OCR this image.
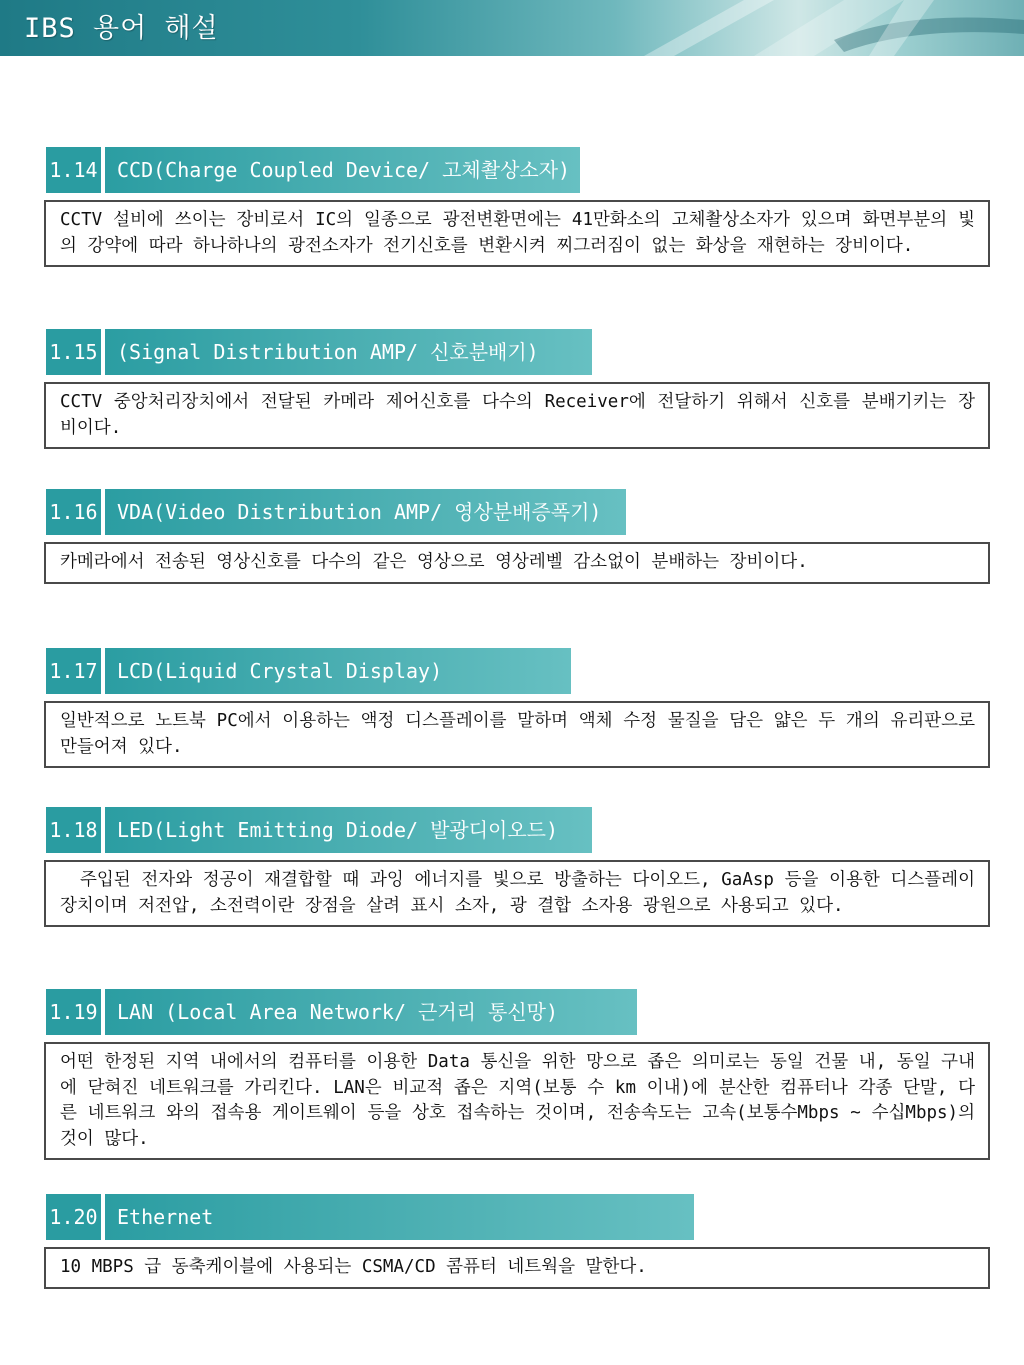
IBS 용어 해설
1.14 CCD(Charge Coupled Device/ 고체촬상소자)
CCTV 설비에 쓰이는 장비로서 IC의 일종으로 광전변환면에는 41만화소의 고체촬상소자가 있으며 화면부분의 빛의 강약에 따라 하나하나의 광전소자가 전기신호를 변환시켜 찌그러짐이 없는 화상을 재현하는 장비이다.
1.15 (Signal Distribution AMP/ 신호분배기)
CCTV 중앙처리장치에서 전달된 카메라 제어신호를 다수의 Receiver에 전달하기 위해서 신호를 분배기키는 장비이다.
1.16 VDA(Video Distribution AMP/ 영상분배증폭기)
카메라에서 전송된 영상신호를 다수의 같은 영상으로 영상레벨 감소없이 분배하는 장비이다.
1.17 LCD(Liquid Crystal Display)
일반적으로 노트북 PC에서 이용하는 액정 디스플레이를 말하며 액체 수정 물질을 담은 얇은 두 개의 유리판으로 만들어져 있다.
1.18 LED(Light Emitting Diode/ 발광디이오드)
주입된 전자와 정공이 재결합할 때 과잉 에너지를 빛으로 방출하는 다이오드, GaAsp 등을 이용한 디스플레이 장치이며 저전압, 소전력이란 장점을 살려 표시 소자, 광 결합 소자용 광원으로 사용되고 있다.
1.19 LAN (Local Area Network/ 근거리 통신망)
어떤 한정된 지역 내에서의 컴퓨터를 이용한 Data 통신을 위한 망으로 좁은 의미로는 동일 건물 내, 동일 구내에 닫혀진 네트워크를 가리킨다. LAN은 비교적 좁은 지역(보통 수 km 이내)에 분산한 컴퓨터나 각종 단말, 다른 네트워크 와의 접속용 게이트웨이 등을 상호 접속하는 것이며, 전송속도는 고속(보통수Mbps ~ 수십Mbps)의 것이 많다.
1.20 Ethernet
10 MBPS 급 동축케이블에 사용되는 CSMA/CD 콤퓨터 네트웍을 말한다.
